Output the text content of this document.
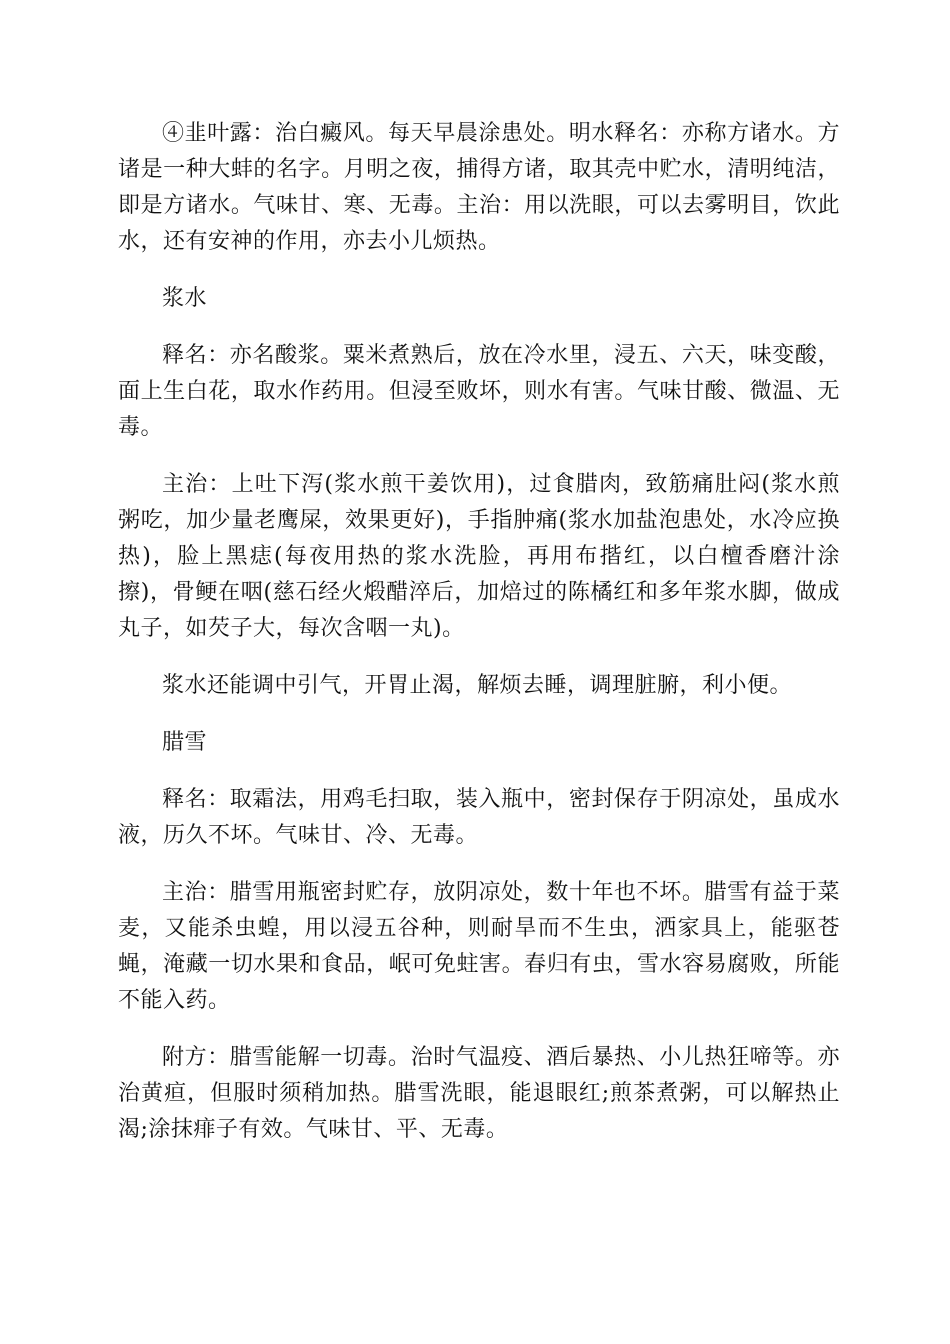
④韭叶露：治白癜风。每天早晨涂患处。明水释名：亦称方诸水。方诸是一种大蚌的名字。月明之夜，捕得方诸，取其壳中贮水，清明纯洁，即是方诸水。气味甘、寒、无毒。主治：用以洗眼，可以去雾明目，饮此水，还有安神的作用，亦去小儿烦热。

浆水

释名：亦名酸浆。粟米煮熟后，放在冷水里，浸五、六天，味变酸，面上生白花，取水作药用。但浸至败坏，则水有害。气味甘酸、微温、无毒。

主治：上吐下泻(浆水煎干姜饮用)，过食腊肉，致筋痛肚闷(浆水煎粥吃，加少量老鹰屎，效果更好)，手指肿痛(浆水加盐泡患处，水冷应换热)，脸上黑痣(每夜用热的浆水洗脸，再用布揩红，以白檀香磨汁涂擦)，骨鲠在咽(慈石经火煅醋淬后，加焙过的陈橘红和多年浆水脚，做成丸子，如芡子大，每次含咽一丸)。

浆水还能调中引气，开胃止渴，解烦去睡，调理脏腑，利小便。

腊雪

释名：取霜法，用鸡毛扫取，装入瓶中，密封保存于阴凉处，虽成水液，历久不坏。气味甘、冷、无毒。

主治：腊雪用瓶密封贮存，放阴凉处，数十年也不坏。腊雪有益于菜麦，又能杀虫蝗，用以浸五谷种，则耐旱而不生虫，洒家具上，能驱苍蝇，淹藏一切水果和食品，岷可免蛀害。春归有虫，雪水容易腐败，所能不能入药。

附方：腊雪能解一切毒。治时气温疫、酒后暴热、小儿热狂啼等。亦治黄疸，但服时须稍加热。腊雪洗眼，能退眼红;煎茶煮粥，可以解热止渴;涂抹痱子有效。气味甘、平、无毒。
